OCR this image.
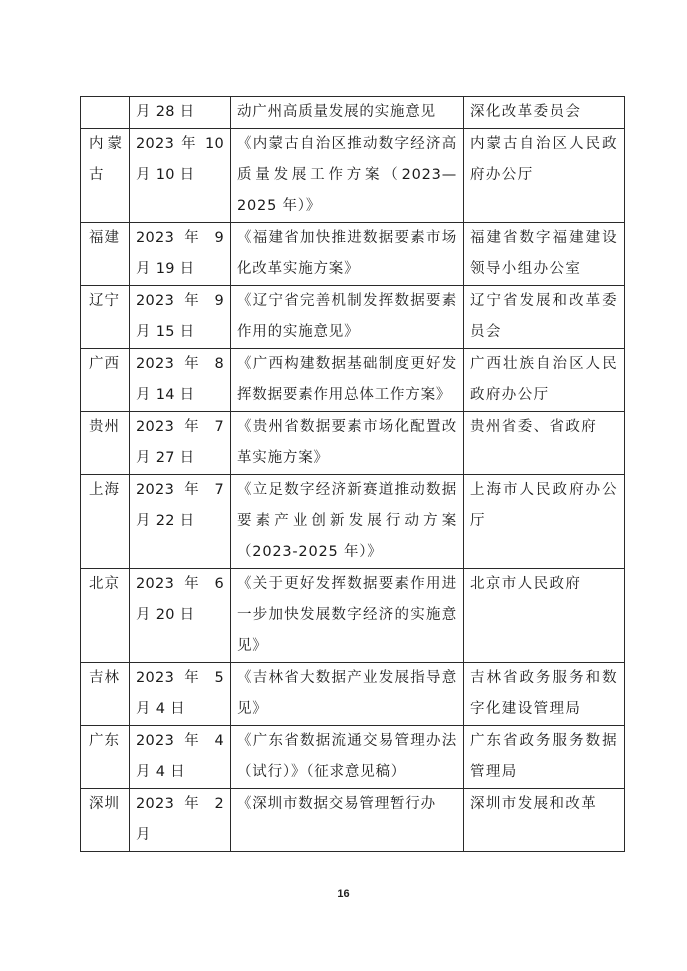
	月 28 日	动广州高质量发展的实施意见	深化改革委员会
内蒙古	2023 年 10 月 10 日	《内蒙古自治区推动数字经济高质量发展工作方案（2023—2025 年）》	内蒙古自治区人民政府办公厅
福建	2023 年 9 月 19 日	《福建省加快推进数据要素市场化改革实施方案》	福建省数字福建建设领导小组办公室
辽宁	2023 年 9 月 15 日	《辽宁省完善机制发挥数据要素作用的实施意见》	辽宁省发展和改革委员会
广西	2023 年 8 月 14 日	《广西构建数据基础制度更好发挥数据要素作用总体工作方案》	广西壮族自治区人民政府办公厅
贵州	2023 年 7 月 27 日	《贵州省数据要素市场化配置改革实施方案》	贵州省委、省政府
上海	2023 年 7 月 22 日	《立足数字经济新赛道推动数据要素产业创新发展行动方案（2023-2025 年）》	上海市人民政府办公厅
北京	2023 年 6 月 20 日	《关于更好发挥数据要素作用进一步加快发展数字经济的实施意见》	北京市人民政府
吉林	2023 年 5 月 4 日	《吉林省大数据产业发展指导意见》	吉林省政务服务和数字化建设管理局
广东	2023 年 4 月 4 日	《广东省数据流通交易管理办法（试行）》（征求意见稿）	广东省政务服务数据管理局
深圳	2023 年 2 月	《深圳市数据交易管理暂行办	深圳市发展和改革
16
